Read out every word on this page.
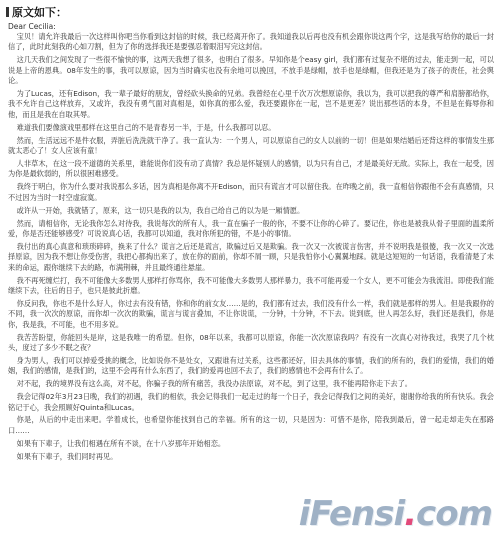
原文如下：
Dear Cecilia:

宝贝！请允许我最后一次这样叫你吧当你看到这封信的时候，我已经离开你了。我知道我以后再也没有机会跟你说这两个字，这是我写给你的最后一封信了，此时此刻我的心如刀割，但为了你的选择我还是要强忍着眼泪写完这封信。

这几天我们之间发现了一些很不愉快的事，这两天我想了很多，也明白了很多。早知你是个easy girl，我们都有过复杂不堪的过去，能走到一起，可以说是上帝的恩典。08年发生的事，我可以原谅，因为当时确实也没有余地可以挽回，不放手是绿帽，放手也是绿帽，但我还是为了孩子的责任，社会舆论。

为了Lucas，还有Edison，我一辈子最好的朋友，曾经砍头换命的兄弟。我曾经在心里千次万次想原谅你，我以为，我可以把我的尊严和肩膀都给你，我不允许自己这样放弃，又或许，我没有勇气面对真相是，如你真的那么爱，我还要跟你在一起，岂不是更差？说出那些话的本身，不但是在侮辱你和他，而且是我在自取其辱。

难道我们要像演戏里那样在这里自己的不是青春另一半，于是，什么我都可以忍。

然而，生活远远不是件衣服，弄脏后洗洗就干净了。我一直认为：一个男人，可以原谅自己的女人以前的一切！但是如果结婚后还背这样的事情发生那就太恶心了！女人应该有童！

人非草木，在这一段不道德的关系里，谁能说你们没有动了真情？我总是怀疑别人的感情，以为只有自己，才是最美好无敌。实际上，我在一起受，因为你是最软弱的，所以很困难感受。

我终于明白，你为什么要对我说那么多话，因为真相是你离不开Edison，而只有谎言才可以留住我。在昨晚之前，我一直相信你跟他不会有真感情，只不过因为当时一时空虚寂寞。

或许从一开始，我就错了，原来，这一切只是我的以为，我自己给自己的以为是一厢情愿。

然而，请相信你，无论我你怎么对待我，我说每次的所有人，我一直在骗子一般的你，不要不让你的心碎了。要记住，你也是被我从骨子里面的温柔所爱，你是否还能够感受？可说说真心话，我都可以知道，我对你所犯的错，不是小的事情。

我付出的真心真意和琐琐碎碎，换来了什么？谎言之后还是谎言，欺骗过后又是欺骗。我一次又一次被谎言伤害，并不说明我是很傻，我一次又一次选择原谅，因为我不想让你受伤害，我把心都掏出来了，放在你的面前，你却不屑一顾，只是我怕你小心翼翼地踩。就是这短短的一句话语，我看清楚了未来的命运，跟你继续下去的路，布满荆棘，并且最终通往悬崖。

我不再死缠烂打，我不可能像大多数男人那样打你骂你，我不可能像大多数男人那样暴力，我不可能再爱一个女人，更不可能会为我流泪。即使我们能继续下去，往后的日子，也只是彼此折磨。

你反问我，你也不是什么好人，你过去有没有错，你和你的前女友……是的，我们都有过去，我们没有什么一样，我们就是那样的男人。但是我跟你的不同，我一次次的原谅，而你却一次次的欺骗，谎言与谎言叠加，不让你说谎，一分钟，十分钟，不下去。说到底，世人再怎么好，我们还是我们，你是你，我是我，不可能，也不用多说。

我苦苦盼望，你能回头是岸，这是我唯一的希望。但你，08年以来，我都可以原谅，你能一次次原谅我吗？有没有一次真心对待我过，我哭了几个枕头，度过了多少不眠之夜？

身为男人，我们可以掉爱受挑的概念，比如说你不是处女，又跟谁有过关系，这些都还好，旧去具体的事情，我们的所有的，我们的爱情，我们的婚姻，我们的感情，是我们的，这里不会再有什么东西了，我们的爱再也回不去了，我们的感情也不会再有什么了。

对不起，我的境界没有这么高，对不起，你骗子我的所有痛苦，我没办法原谅，对不起，到了这里，我不能再陪你走下去了。

我会记得02年3月23日晚，我们的初遇，我们的相依，我会记得我们一起走过的每一个日子，我会记得我们之间的美好，谢谢你给我的所有快乐。我会铭记于心，我会照顾好Quinta和Lucas。

你是，从后的中走出来吧。学着成长，也希望你能找到自己的幸福。所有的这一切，只是因为：可惜不是你，陪我到最后，曾一起走却走失在那路口……

如果有下辈子，让我们相遇在所有不谈，在十八岁那年开始相恋。

如果有下辈子，我们同时再见。

iFensi.com
